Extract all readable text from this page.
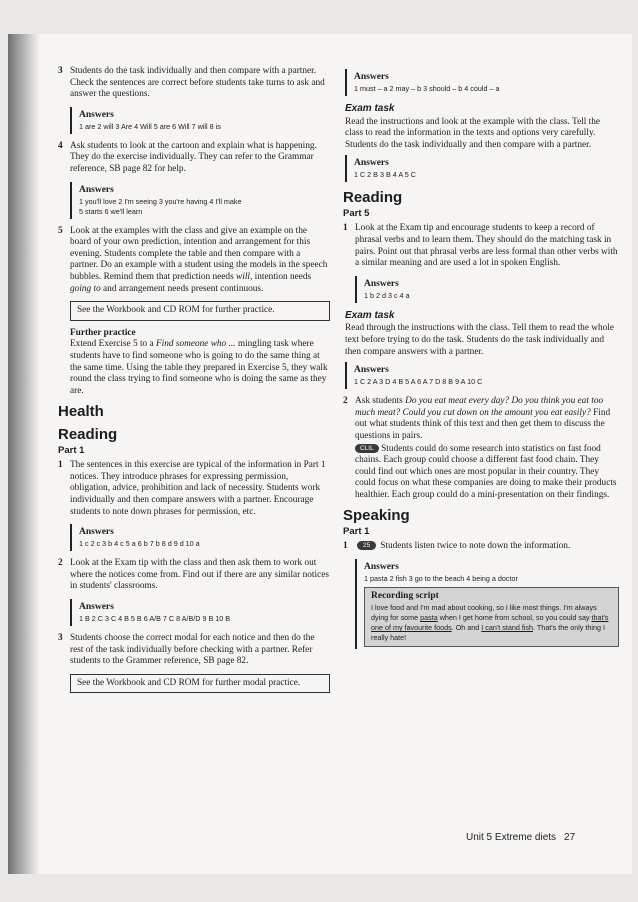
3 Students do the task individually and then compare with a partner. Check the sentences are correct before students take turns to ask and answer the questions.

Answers
1 are 2 will 3 Are 4 Will 5 are 6 Will 7 will 8 is
4 Ask students to look at the cartoon and explain what is happening. They do the exercise individually. They can refer to the Grammar reference, SB page 82 for help.

Answers
1 you'll love 2 I'm seeing 3 you're having 4 I'll make
5 starts 6 we'll learn
5 Look at the examples with the class and give an example on the board of your own prediction, intention and arrangement for this evening. Students complete the table and then compare with a partner. Do an example with a student using the models in the speech bubbles. Remind them that prediction needs will, intention needs going to and arrangement needs present continuous.

See the Workbook and CD ROM for further practice.

Further practice

Extend Exercise 5 to a Find someone who ... mingling task where students have to find someone who is going to do the same thing at the same time. Using the table they prepared in Exercise 5, they walk round the class trying to find someone who is doing the same as they are.

Health
Reading
Part 1
1 The sentences in this exercise are typical of the information in Part 1 notices. They introduce phrases for expressing permission, obligation, advice, prohibition and lack of necessity. Students work individually and then compare answers with a partner. Encourage students to note down phrases for permission, etc.

Answers
1 c 2 c 3 b 4 c 5 a 6 b 7 b 8 d 9 d 10 a
2 Look at the Exam tip with the class and then ask them to work out where the notices come from. Find out if there are any similar notices in students' classrooms.

Answers
1 B 2 C 3 C 4 B 5 B 6 A/B 7 C 8 A/B/D 9 B 10 B
3 Students choose the correct modal for each notice and then do the rest of the task individually before checking with a partner. Refer students to the Grammer reference, SB page 82.

See the Workbook and CD ROM for further modal practice.
Answers
1 must – a 2 may – b 3 should – b 4 could – a
Exam task

Read the instructions and look at the example with the class. Tell the class to read the information in the texts and options very carefully. Students do the task individually and then compare with a partner.

Answers
1 C 2 B 3 B 4 A 5 C
Reading
Part 5
1 Look at the Exam tip and encourage students to keep a record of phrasal verbs and to learn them. They should do the matching task in pairs. Point out that phrasal verbs are less formal than other verbs with a similar meaning and are used a lot in spoken English.

Answers
1 b 2 d 3 c 4 a
Exam task

Read through the instructions with the class. Tell them to read the whole text before trying to do the task. Students do the task individually and then compare answers with a partner.

Answers
1 C 2 A 3 D 4 B 5 A 6 A 7 D 8 B 9 A 10 C
2 Ask students Do you eat meat every day? Do you think you eat too much meat? Could you cut down on the amount you eat easily? Find out what students think of this text and then get them to discuss the questions in pairs.

CLIL Students could do some research into statistics on fast food chains. Each group could choose a different fast food chain. They could find out which ones are most popular in their country. They could focus on what these companies are doing to make their products healthier. Each group could do a mini-presentation on their findings.

Speaking
Part 1
1	25 Students listen twice to note down the information.

Answers
1 pasta 2 fish 3 go to the beach 4 being a doctor
Recording script
I love food and I'm mad about cooking, so I like most things. I'm always dying for some pasta when I get home from school, so you could say that's one of my favourite foods. Oh and I can't stand fish. That's the only thing I really hate!
Unit 5 Extreme diets 27
